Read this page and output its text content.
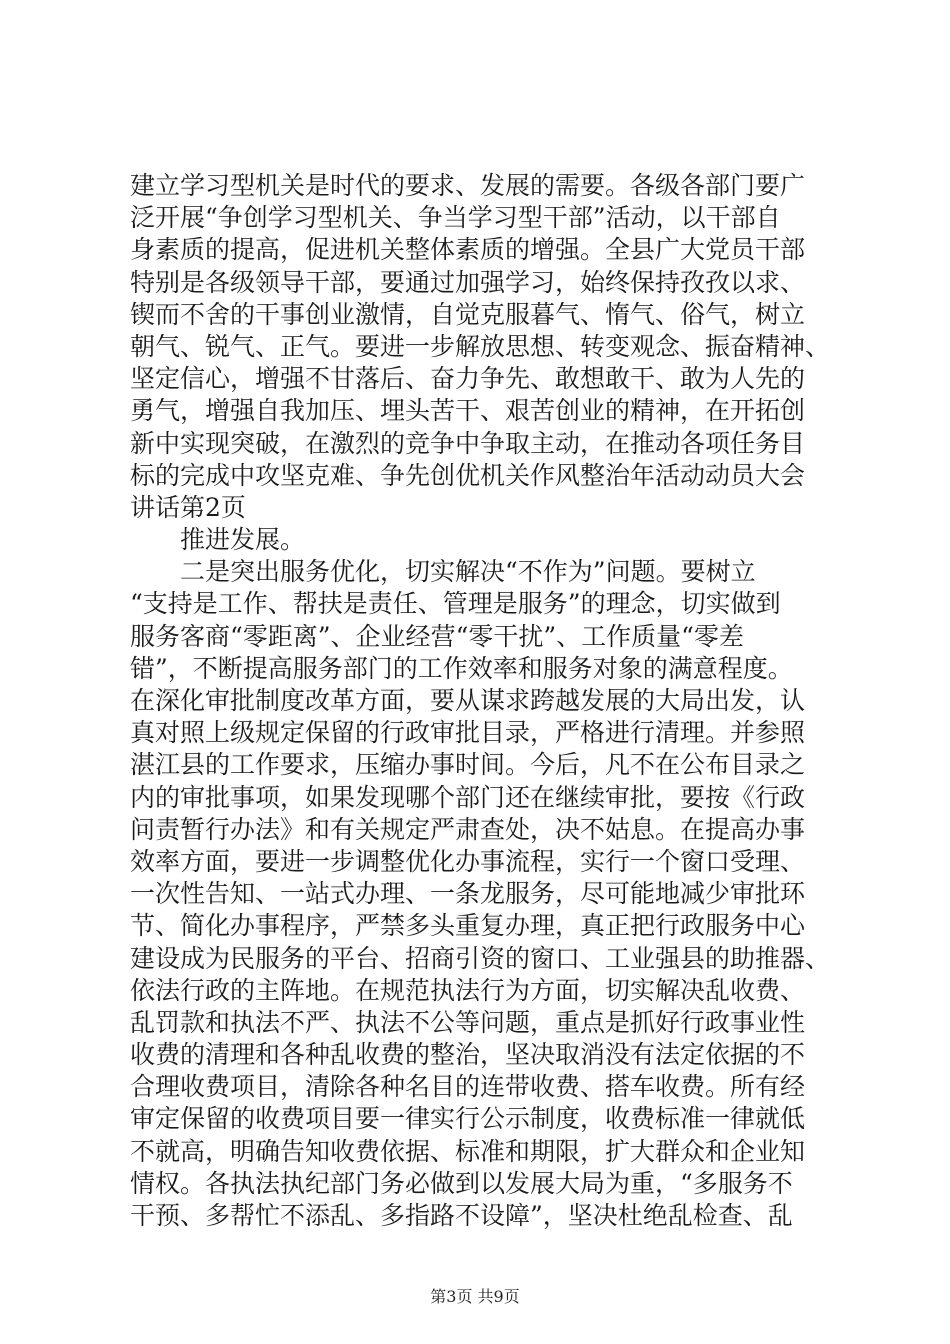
建立学习型机关是时代的要求、发展的需要。各级各部门要广
泛开展“争创学习型机关、争当学习型干部”活动，以干部自
身素质的提高，促进机关整体素质的增强。全县广大党员干部
特别是各级领导干部，要通过加强学习，始终保持孜孜以求、
锲而不舍的干事创业激情，自觉克服暮气、惰气、俗气，树立
朝气、锐气、正气。要进一步解放思想、转变观念、振奋精神、
坚定信心，增强不甘落后、奋力争先、敢想敢干、敢为人先的
勇气，增强自我加压、埋头苦干、艰苦创业的精神，在开拓创
新中实现突破，在激烈的竞争中争取主动，在推动各项任务目
标的完成中攻坚克难、争先创优机关作风整治年活动动员大会
讲话第2页
　　推进发展。
　　二是突出服务优化，切实解决“不作为”问题。要树立
“支持是工作、帮扶是责任、管理是服务”的理念，切实做到
服务客商“零距离”、企业经营“零干扰”、工作质量“零差
错”，不断提高服务部门的工作效率和服务对象的满意程度。
在深化审批制度改革方面，要从谋求跨越发展的大局出发，认
真对照上级规定保留的行政审批目录，严格进行清理。并参照
湛江县的工作要求，压缩办事时间。今后，凡不在公布目录之
内的审批事项，如果发现哪个部门还在继续审批，要按《行政
问责暂行办法》和有关规定严肃查处，决不姑息。在提高办事
效率方面，要进一步调整优化办事流程，实行一个窗口受理、
一次性告知、一站式办理、一条龙服务，尽可能地减少审批环
节、简化办事程序，严禁多头重复办理，真正把行政服务中心
建设成为民服务的平台、招商引资的窗口、工业强县的助推器、
依法行政的主阵地。在规范执法行为方面，切实解决乱收费、
乱罚款和执法不严、执法不公等问题，重点是抓好行政事业性
收费的清理和各种乱收费的整治，坚决取消没有法定依据的不
合理收费项目，清除各种名目的连带收费、搭车收费。所有经
审定保留的收费项目要一律实行公示制度，收费标准一律就低
不就高，明确告知收费依据、标准和期限，扩大群众和企业知
情权。各执法执纪部门务必做到以发展大局为重，“多服务不
干预、多帮忙不添乱、多指路不设障”，坚决杜绝乱检查、乱
第3页 共9页
